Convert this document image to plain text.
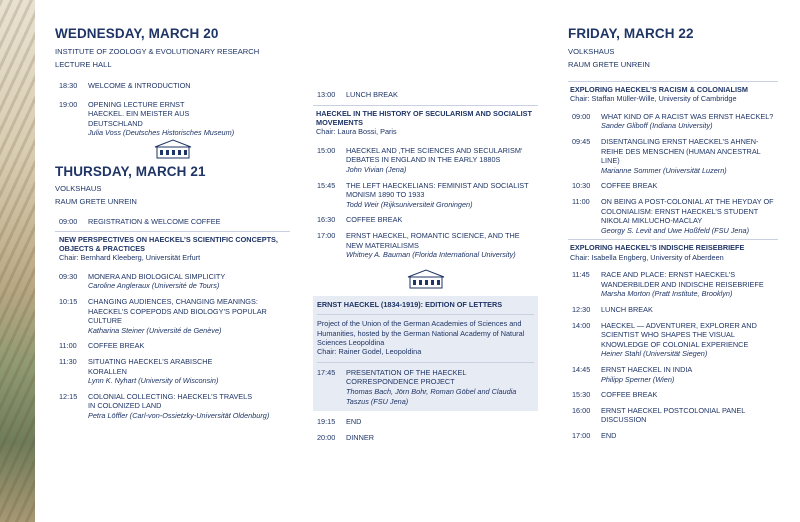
WEDNESDAY, MARCH 20

INSTITUTE OF ZOOLOGY & EVOLUTIONARY RESEARCH

LECTURE HALL

18:30 WELCOME & INTRODUCTION
19:00 OPENING LECTURE ERNST HAECKEL. EIN MEISTER AUS DEUTSCHLAND
Julia Voss (Deutsches Historisches Museum)
THURSDAY, MARCH 21

VOLKSHAUS

RAUM GRETE UNREIN

09:00 REGISTRATION & WELCOME COFFEE
NEW PERSPECTIVES ON HAECKEL’S SCIENTIFIC CONCEPTS, OBJECTS & PRACTICES
Chair: Bernhard Kleeberg, Universität Erfurt
09:30 MONERA AND BIOLOGICAL SIMPLICITY
Caroline Angleraux (Université de Tours)
10:15 CHANGING AUDIENCES, CHANGING MEANINGS: HAECKEL’S COPEPODS AND BIOLOGY’S POPULAR CULTURE
Katharina Steiner (Université de Genève)
11:00 COFFEE BREAK
11:30 SITUATING HAECKEL’S ARABISCHE KORALLEN
Lynn K. Nyhart (University of Wisconsin)
12:15 COLONIAL COLLECTING: HAECKEL’S TRAVELS IN COLONIZED LAND
Petra Löffler (Carl-von-Ossietzky-Universität Oldenburg)
13:00 LUNCH BREAK
HAECKEL IN THE HISTORY OF SECULARISM AND SOCIALIST MOVEMENTS
Chair: Laura Bossi, Paris
15:00 HAECKEL AND ‚THE SCIENCES AND SECULARISM‘ DEBATES IN ENGLAND IN THE EARLY 1880S
John Vivian (Jena)
15:45 THE LEFT HAECKELIANS: FEMINIST AND SOCIALIST MONISM 1890 TO 1933
Todd Weir (Rijksuniversiteit Groningen)
16:30 COFFEE BREAK
17:00 ERNST HAECKEL, ROMANTIC SCIENCE, AND THE NEW MATERIALISMS
Whitney A. Bauman (Florida International University)
ERNST HAECKEL (1834-1919): EDITION OF LETTERS
Project of the Union of the German Academies of Sciences and Humanities, hosted by the German National Academy of Natural Sciences Leopoldina
Chair: Rainer Godel, Leopoldina
17:45 PRESENTATION OF THE HAECKEL CORRESPONDENCE PROJECT
Thomas Bach, Jörn Bohr, Roman Göbel and Claudia Taszus (FSU Jena)
19:15 END
20:00 DINNER
FRIDAY, MARCH 22

VOLKSHAUS

RAUM GRETE UNREIN

EXPLORING HAECKEL’S RACISM & COLONIALISM
Chair: Staffan Müller-Wille, University of Cambridge
09:00 WHAT KIND OF A RACIST WAS ERNST HAECKEL?
Sander Gliboff (Indiana University)
09:45 DISENTANGLING ERNST HAECKEL’S AHNEN-REIHE DES MENSCHEN (HUMAN ANCESTRAL LINE)
Marianne Sommer (Universität Luzern)
10:30 COFFEE BREAK
11:00 ON BEING A POST-COLONIAL AT THE HEYDAY OF COLONIALISM: ERNST HAECKEL’S STUDENT NIKOLAI MIKLUCHO-MACLAY
Georgy S. Levit and Uwe Hoßfeld (FSU Jena)
EXPLORING HAECKEL’S INDISCHE REISEBRIEFE
Chair: Isabella Engberg, University of Aberdeen
11:45 RACE AND PLACE: ERNST HAECKEL’S WANDERBILDER AND INDISCHE REISEBRIEFE
Marsha Morton (Pratt Institute, Brooklyn)
12:30 LUNCH BREAK
14:00 HAECKEL — ADVENTURER, EXPLORER AND SCIENTIST WHO SHAPES THE VISUAL KNOWLEDGE OF COLONIAL EXPERIENCE
Heiner Stahl (Universität Siegen)
14:45 ERNST HAECKEL IN INDIA
Philipp Sperner (Wien)
15:30 COFFEE BREAK
16:00 ERNST HAECKEL POSTCOLONIAL PANEL DISCUSSION
17:00 END
